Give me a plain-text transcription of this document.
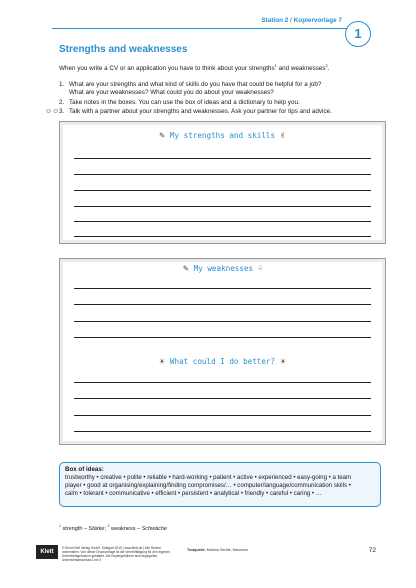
Station 2 / Kopiervorlage 7
1
Strengths and weaknesses
When you write a CV or an application you have to think about your strengths$^1$ and weaknesses$^2$.
1. What are your strengths and what kind of skills do you have that could be helpful for a job?
What are your weaknesses? What could you do about your weaknesses?
2. Take notes in the boxes. You can use the box of ideas and a dictionary to help you.
☺☺ 3. Talk with a partner about your strengths and weaknesses. Ask your partner for tips and advice.
✎ My strengths and skills ✌
✎ My weaknesses ☟
☀ What could I do better? ☀
Box of ideas:
trustworthy • creative • polite • reliable • hard-working • patient • active • experienced • easy-going • a team
player • good at organising/explaining/finding compromises/… • computer/language/communication skills •
calm • tolerant • communicative • efficient • persistent • analytical • friendly • careful • caring • …
$^1$ strength – Stärke; $^2$ weakness – Schwäche
Klett
© Ernst Klett Verlag GmbH, Stuttgart 2019 | www.klett.de | Alle Rechte
vorbehalten. Von dieser Druckvorlage ist die Vervielfältigung für den eigenen
Unterrichtsgebrauch gestattet. Die Kopiergebühren sind abgegolten.
Unterrichtsanschluss Line 3
Textquelle: Martina Gerthe, Hannover	72
